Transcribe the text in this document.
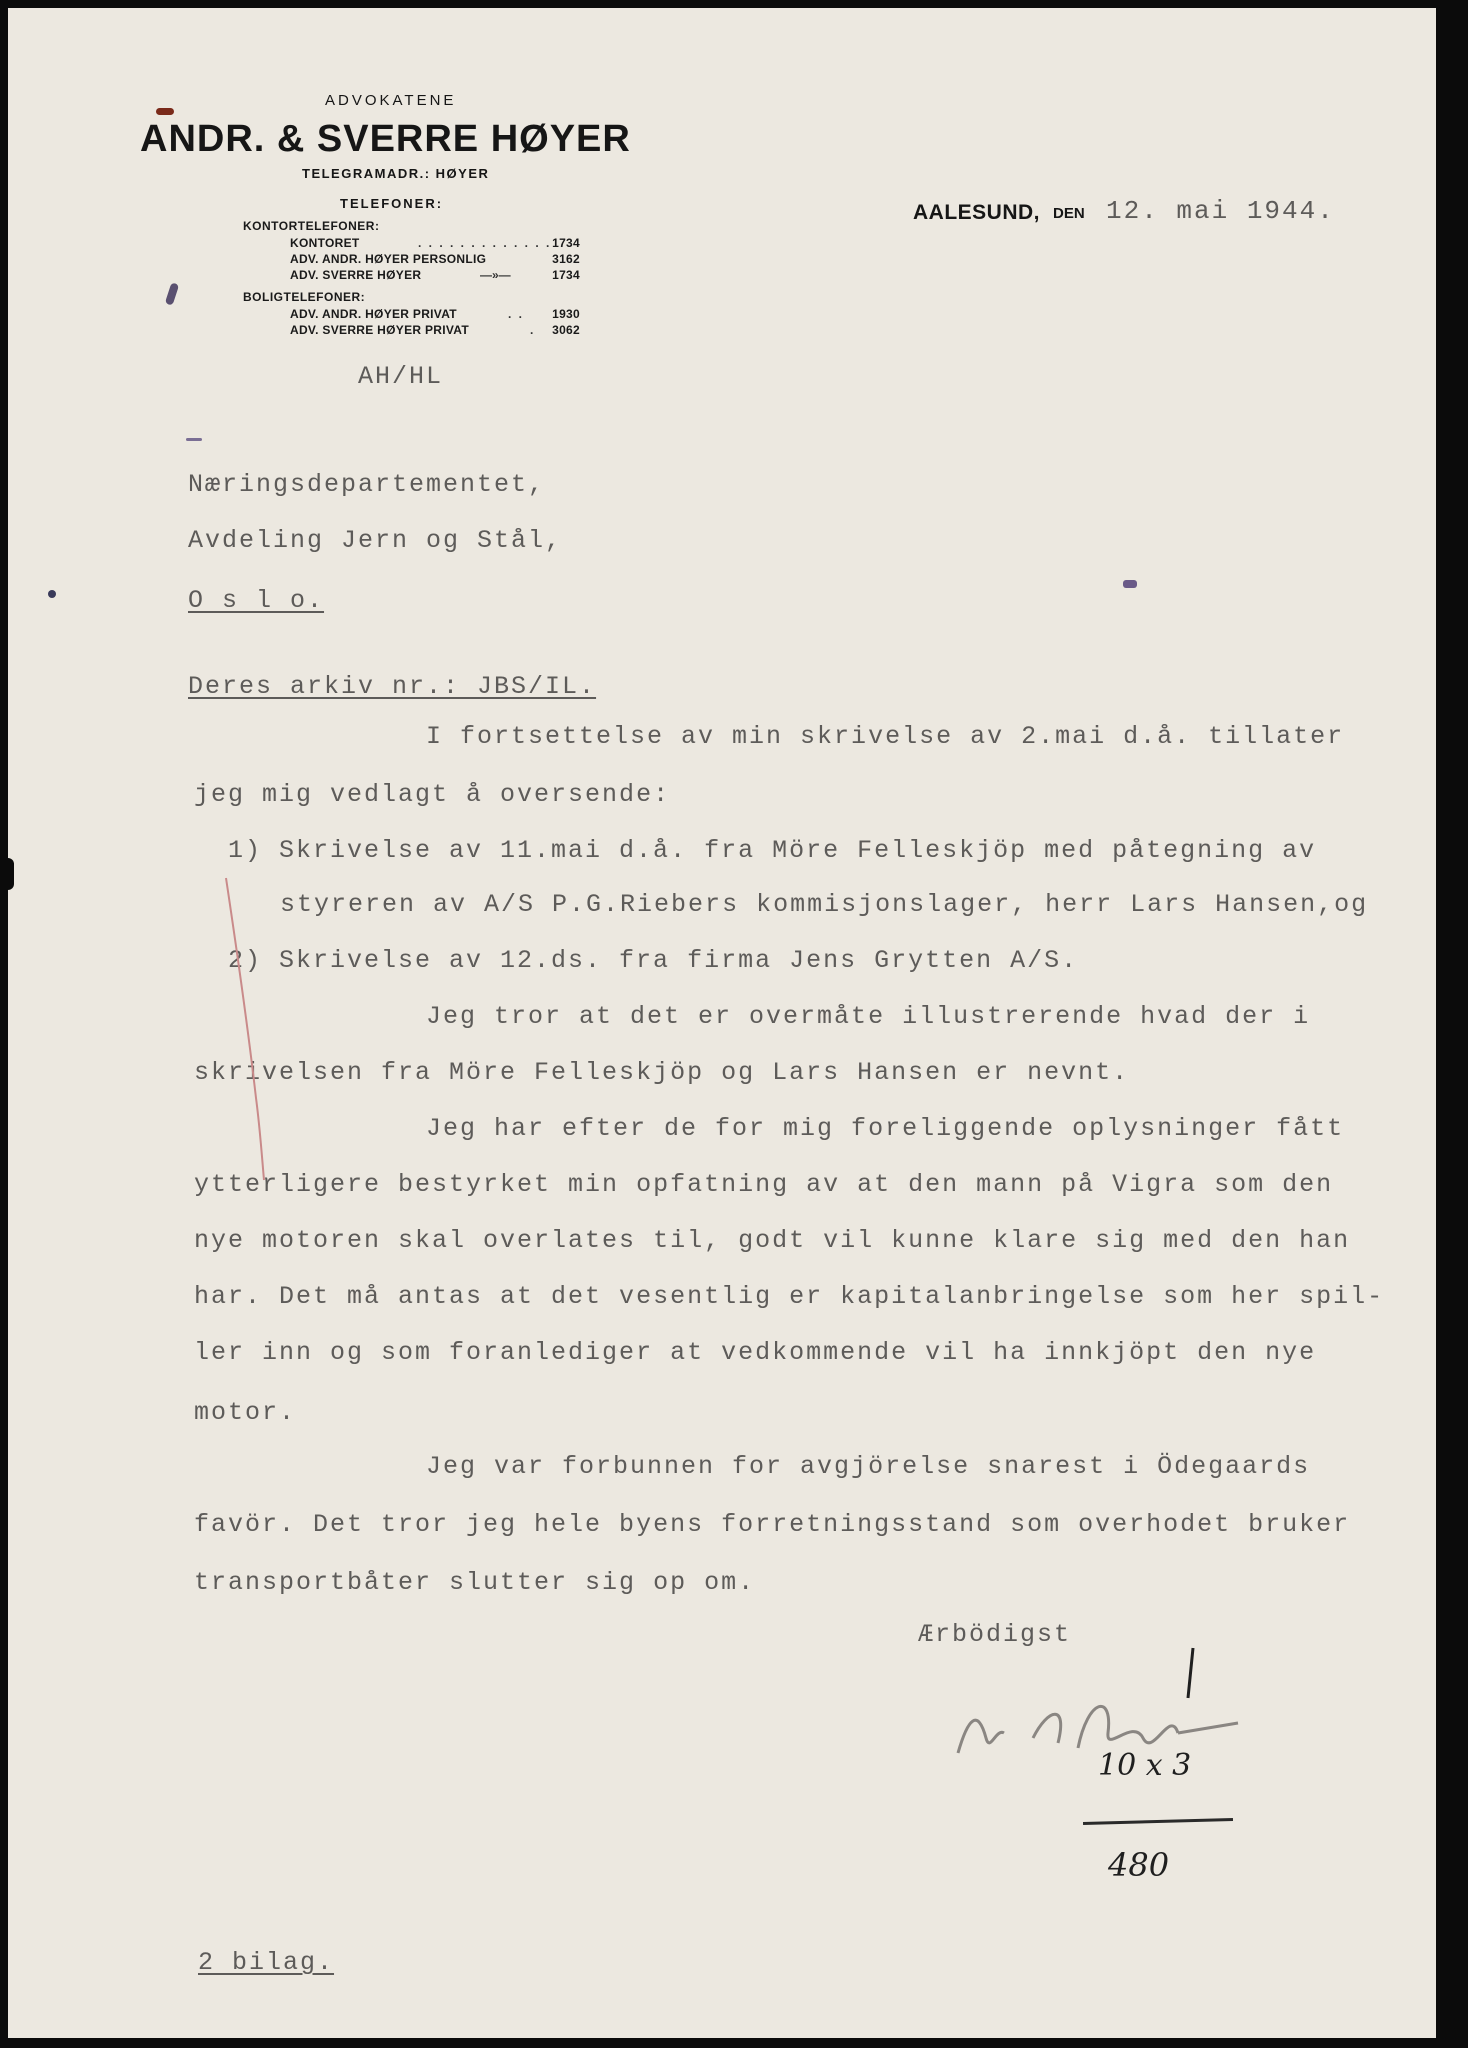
ADVOKATENE
ANDR. & SVERRE HØYER
TELEGRAMADR.: HØYER
TELEFONER:
KONTORTELEFONER:
KONTORET	. . . . . . . . . . . . . 1734
ADV. ANDR. HØYER PERSONLIG	3162
ADV. SVERRE HØYER	—»—	1734
BOLIGTELEFONER:
ADV. ANDR. HØYER PRIVAT	. . 1930
ADV. SVERRE HØYER PRIVAT	. 3062
AALESUND, DEN 12. mai 1944.
AH/HL
Næringsdepartementet,
Avdeling Jern og Stål,
O s l o.
Deres arkiv nr.: JBS/IL.
I fortsettelse av min skrivelse av 2.mai d.å. tillater
jeg mig vedlagt å oversende:
1) Skrivelse av 11.mai d.å. fra Möre Felleskjöp med påtegning av
styreren av A/S P.G.Riebers kommisjonslager, herr Lars Hansen,og
2) Skrivelse av 12.ds. fra firma Jens Grytten A/S.
Jeg tror at det er overmåte illustrerende hvad der i
skrivelsen fra Möre Felleskjöp og Lars Hansen er nevnt.
Jeg har efter de for mig foreliggende oplysninger fått
ytterligere bestyrket min opfatning av at den mann på Vigra som den
nye motoren skal overlates til, godt vil kunne klare sig med den han
har. Det må antas at det vesentlig er kapitalanbringelse som her spil-
ler inn og som foranlediger at vedkommende vil ha innkjöpt den nye
motor.
Jeg var forbunnen for avgjörelse snarest i Ödegaards
favör. Det tror jeg hele byens forretningsstand som overhodet bruker
transportbåter slutter sig op om.
Ærbödigst
10 x 3
480
2 bilag.
